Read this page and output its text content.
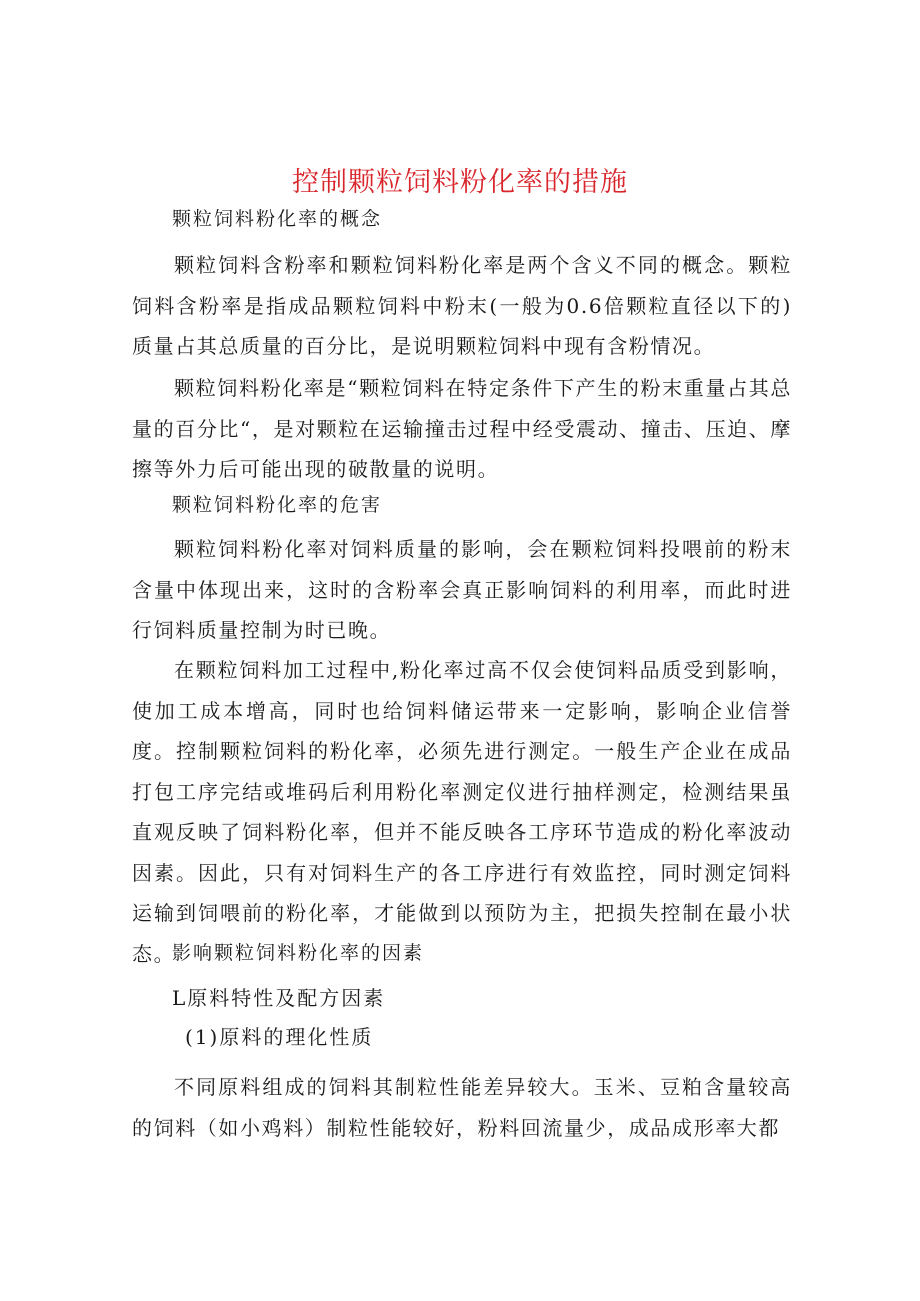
控制颗粒饲料粉化率的措施
颗粒饲料粉化率的概念
颗粒饲料含粉率和颗粒饲料粉化率是两个含义不同的概念。颗粒饲料含粉率是指成品颗粒饲料中粉末(一般为0.6倍颗粒直径以下的)质量占其总质量的百分比，是说明颗粒饲料中现有含粉情况。
颗粒饲料粉化率是“颗粒饲料在特定条件下产生的粉末重量占其总量的百分比“，是对颗粒在运输撞击过程中经受震动、撞击、压迫、摩擦等外力后可能出现的破散量的说明。
颗粒饲料粉化率的危害
颗粒饲料粉化率对饲料质量的影响，会在颗粒饲料投喂前的粉末含量中体现出来，这时的含粉率会真正影响饲料的利用率，而此时进行饲料质量控制为时已晚。
在颗粒饲料加工过程中,粉化率过高不仅会使饲料品质受到影响，使加工成本增高，同时也给饲料储运带来一定影响，影响企业信誉度。控制颗粒饲料的粉化率，必须先进行测定。一般生产企业在成品打包工序完结或堆码后利用粉化率测定仪进行抽样测定，检测结果虽直观反映了饲料粉化率，但并不能反映各工序环节造成的粉化率波动因素。因此，只有对饲料生产的各工序进行有效监控，同时测定饲料运输到饲喂前的粉化率，才能做到以预防为主，把损失控制在最小状态。
影响颗粒饲料粉化率的因素
L原料特性及配方因素
(1)原料的理化性质
不同原料组成的饲料其制粒性能差异较大。玉米、豆粕含量较高的饲料（如小鸡料）制粒性能较好，粉料回流量少，成品成形率大都
